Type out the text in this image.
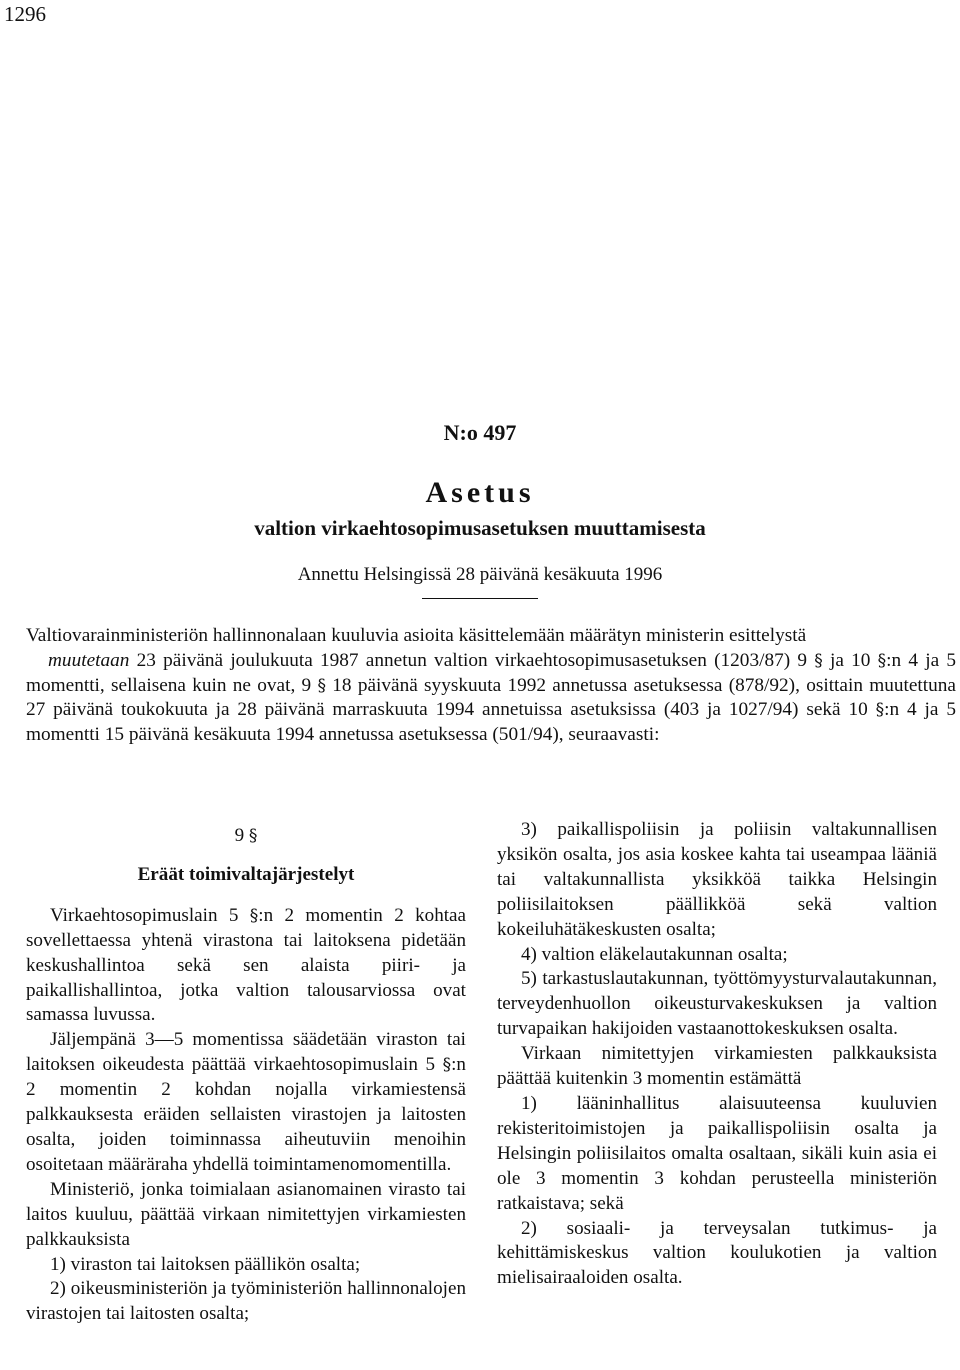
1296
N:o 497
Asetus
valtion virkaehtosopimusasetuksen muuttamisesta
Annettu Helsingissä 28 päivänä kesäkuuta 1996

Valtiovarainministeriön hallinnonalaan kuuluvia asioita käsittelemään määrätyn ministerin esittelystä

muutetaan 23 päivänä joulukuuta 1987 annetun valtion virkaehtosopimusasetuksen (1203/87) 9 § ja 10 §:n 4 ja 5 momentti, sellaisena kuin ne ovat, 9 § 18 päivänä syyskuuta 1992 annetussa asetuksessa (878/92), osittain muutettuna 27 päivänä toukokuuta ja 28 päivänä marraskuuta 1994 annetuissa asetuksissa (403 ja 1027/94) sekä 10 §:n 4 ja 5 momentti 15 päivänä kesäkuuta 1994 annetussa asetuksessa (501/94), seuraavasti:

9 §

Eräät toimivaltajärjestelyt

Virkaehtosopimuslain 5 §:n 2 momentin 2 kohtaa sovellettaessa yhtenä virastona tai laitoksena pidetään keskushallintoa sekä sen alaista piiri- ja paikallishallintoa, jotka valtion talousarviossa ovat samassa luvussa.

Jäljempänä 3—5 momentissa säädetään viraston tai laitoksen oikeudesta päättää virkaehtosopimuslain 5 §:n 2 momentin 2 kohdan nojalla virkamiestensä palkkauksesta eräiden sellaisten virastojen ja laitosten osalta, joiden toiminnassa aiheutuviin menoihin osoitetaan määräraha yhdellä toimintamenomomentilla.

Ministeriö, jonka toimialaan asianomainen virasto tai laitos kuuluu, päättää virkaan nimitettyjen virkamiesten palkkauksista

1) viraston tai laitoksen päällikön osalta;

2) oikeusministeriön ja työministeriön hallinnonalojen virastojen tai laitosten osalta;

3) paikallispoliisin ja poliisin valtakunnallisen yksikön osalta, jos asia koskee kahta tai useampaa lääniä tai valtakunnallista yksikköä taikka Helsingin poliisilaitoksen päällikköä sekä valtion kokeiluhätäkeskusten osalta;

4) valtion eläkelautakunnan osalta;

5) tarkastuslautakunnan, työttömyysturvalautakunnan, terveydenhuollon oikeusturvakeskuksen ja valtion turvapaikan hakijoiden vastaanottokeskuksen osalta.

Virkaan nimitettyjen virkamiesten palkkauksista päättää kuitenkin 3 momentin estämättä

1) lääninhallitus alaisuuteensa kuuluvien rekisteritoimistojen ja paikallispoliisin osalta ja Helsingin poliisilaitos omalta osaltaan, sikäli kuin asia ei ole 3 momentin 3 kohdan perusteella ministeriön ratkaistava; sekä

2) sosiaali- ja terveysalan tutkimus- ja kehittämiskeskus valtion koulukotien ja valtion mielisairaaloiden osalta.
